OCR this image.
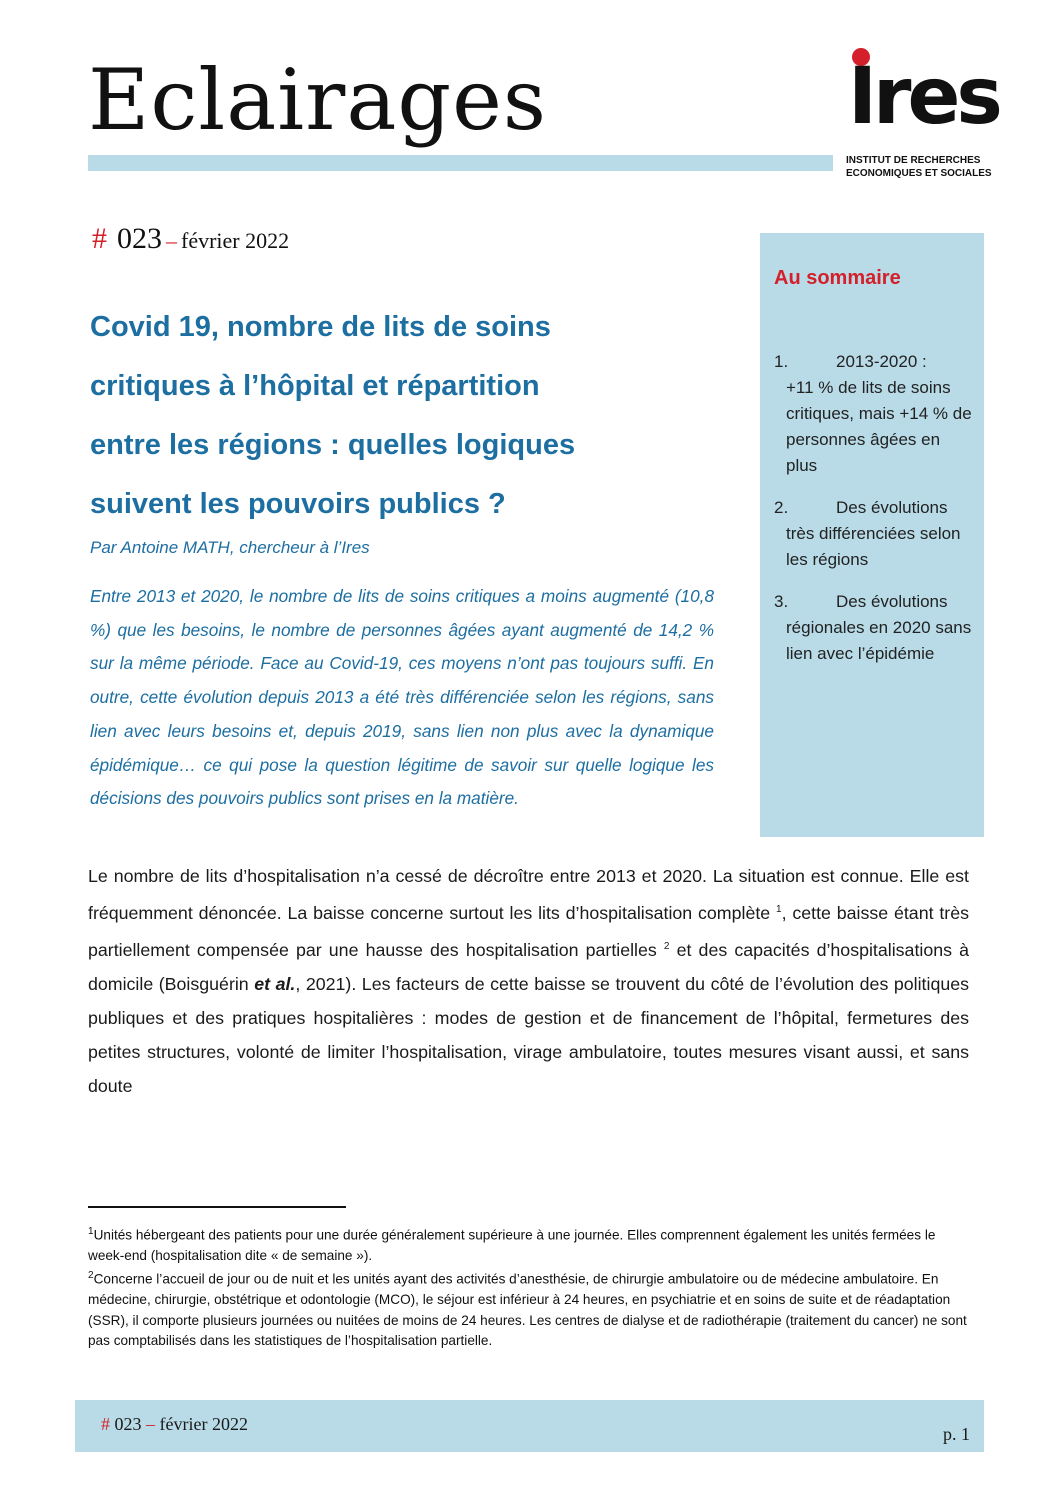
Eclairages	Ires
INSTITUT DE RECHERCHES
ECONOMIQUES ET SOCIALES
# 023 – février 2022
Covid 19, nombre de lits de soins
critiques à l’hôpital et répartition
entre les régions : quelles logiques
suivent les pouvoirs publics ?
Par Antoine MATH, chercheur à l’Ires
Entre 2013 et 2020, le nombre de lits de soins critiques a moins augmenté (10,8 %) que les besoins, le nombre de personnes âgées ayant augmenté de 14,2 % sur la même période. Face au Covid-19, ces moyens n’ont pas toujours suffi. En outre, cette évolution depuis 2013 a été très différenciée selon les régions, sans lien avec leurs besoins et, depuis 2019, sans lien non plus avec la dynamique épidémique… ce qui pose la question légitime de savoir sur quelle logique les décisions des pouvoirs publics sont prises en la matière.
Au sommaire
1.	2013-2020 :
+11 % de lits de soins critiques, mais +14 % de personnes âgées en plus
2.	Des évolutions
très différenciées selon les régions
3.	Des évolutions
régionales en 2020 sans lien avec l’épidémie
Le nombre de lits d’hospitalisation n’a cessé de décroître entre 2013 et 2020. La situation est connue. Elle est fréquemment dénoncée. La baisse concerne surtout les lits d’hospitalisation complète $^1$, cette baisse étant très partiellement compensée par une hausse des hospitalisation partielles $^2$ et des capacités d’hospitalisations à domicile (Boisguérin et al., 2021). Les facteurs de cette baisse se trouvent du côté de l’évolution des politiques publiques et des pratiques hospitalières : modes de gestion et de financement de l’hôpital, fermetures des petites structures, volonté de limiter l’hospitalisation, virage ambulatoire, toutes mesures visant aussi, et sans doute

$^1$Unités hébergeant des patients pour une durée généralement supérieure à une journée. Elles comprennent également les unités fermées le week-end (hospitalisation dite « de semaine »).

$^2$Concerne l’accueil de jour ou de nuit et les unités ayant des activités d’anesthésie, de chirurgie ambulatoire ou de médecine ambulatoire. En médecine, chirurgie, obstétrique et odontologie (MCO), le séjour est inférieur à 24 heures, en psychiatrie et en soins de suite et de réadaptation (SSR), il comporte plusieurs journées ou nuitées de moins de 24 heures. Les centres de dialyse et de radiothérapie (traitement du cancer) ne sont pas comptabilisés dans les statistiques de l’hospitalisation partielle.

# 023 – février 2022	p. 1
